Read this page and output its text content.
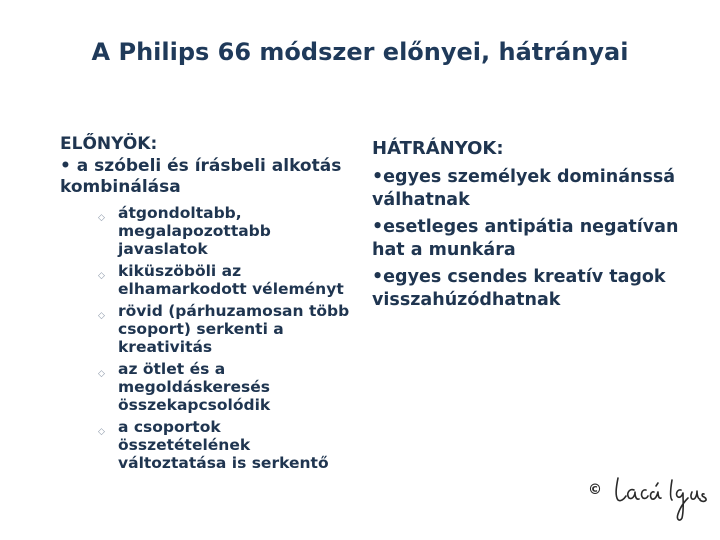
A Philips 66 módszer előnyei, hátrányai
ELŐNYÖK:
• a szóbeli és írásbeli alkotás kombinálása
◇ átgondoltabb, megalapozottabb javaslatok
◇ kiküszöböli az elhamarkodott véleményt
◇ rövid (párhuzamosan több csoport) serkenti a kreativitás
◇ az ötlet és a megoldáskeresés összekapcsolódik
◇ a csoportok összetételének változtatása is serkentő
HÁTRÁNYOK:
•egyes személyek dominánssá válhatnak
•esetleges antipátia negatívan hat a munkára
•egyes csendes kreatív tagok visszahúzódhatnak
©
